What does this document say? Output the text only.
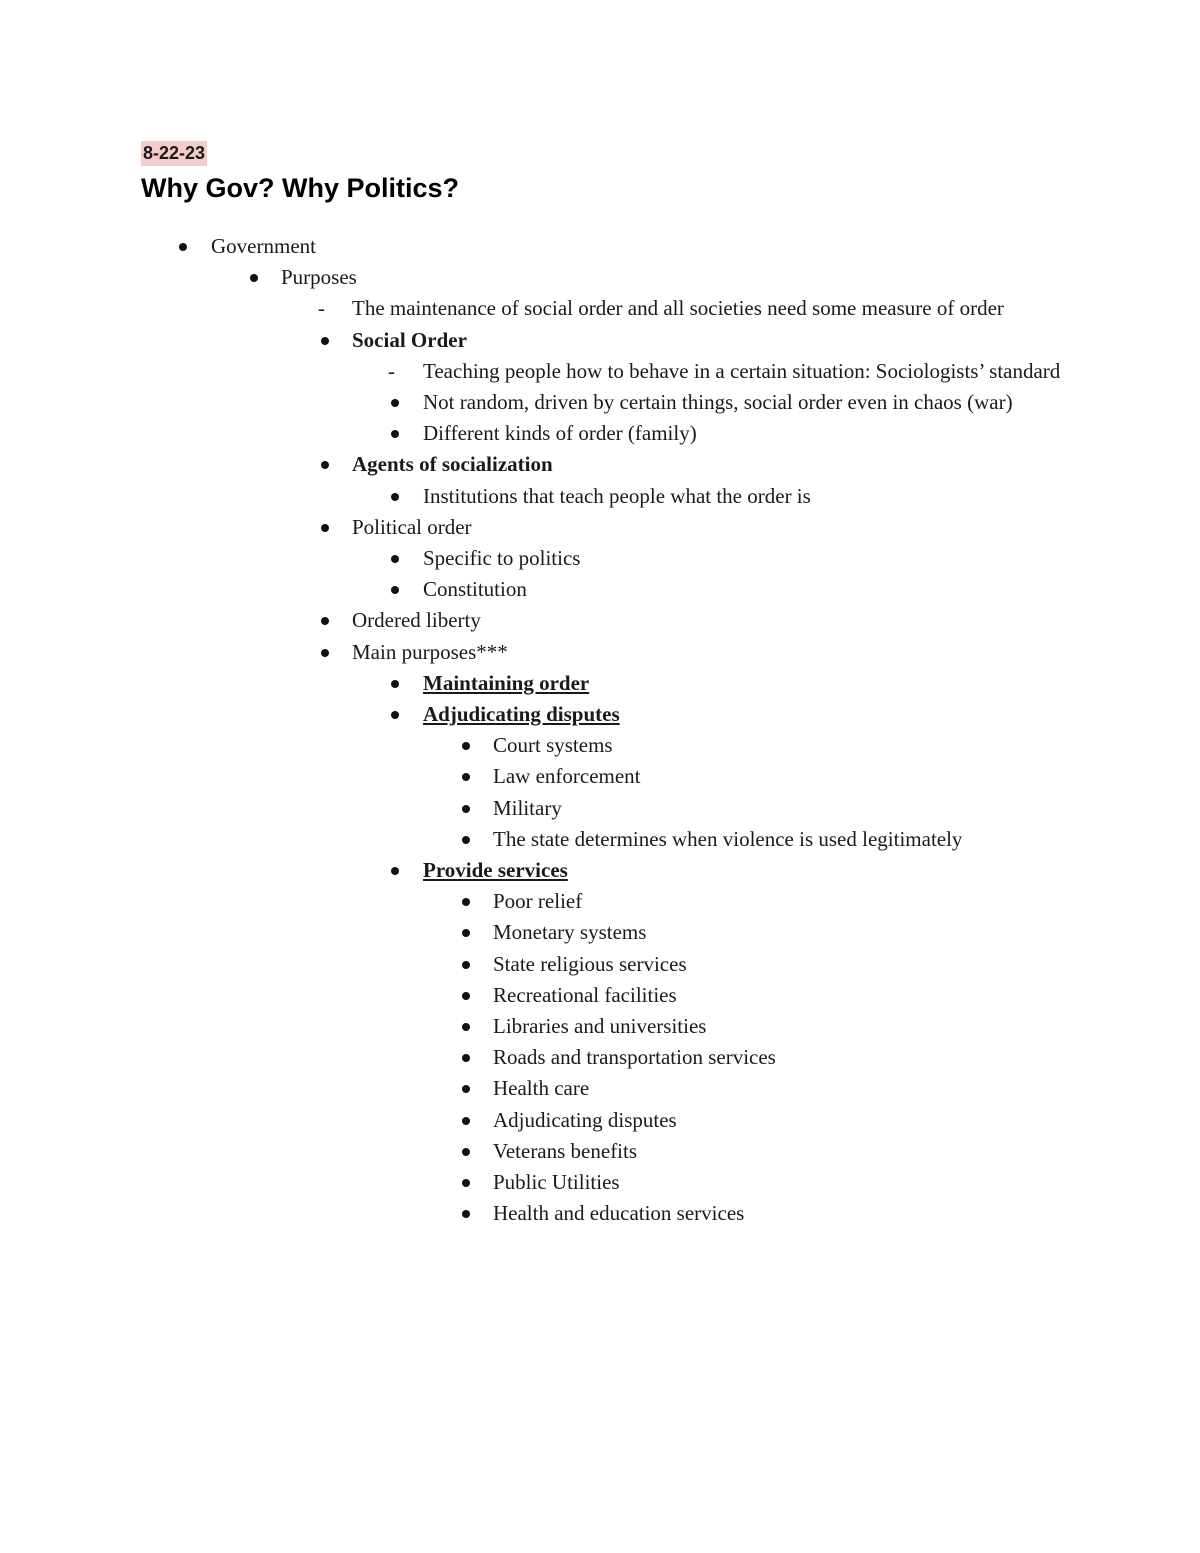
8-22-23
Why Gov? Why Politics?
Government
Purposes
- The maintenance of social order and all societies need some measure of order
Social Order
- Teaching people how to behave in a certain situation: Sociologists’ standard
Not random, driven by certain things, social order even in chaos (war)
Different kinds of order (family)
Agents of socialization
Institutions that teach people what the order is
Political order
Specific to politics
Constitution
Ordered liberty
Main purposes***
Maintaining order
Adjudicating disputes
Court systems
Law enforcement
Military
The state determines when violence is used legitimately
Provide services
Poor relief
Monetary systems
State religious services
Recreational facilities
Libraries and universities
Roads and transportation services
Health care
Adjudicating disputes
Veterans benefits
Public Utilities
Health and education services
